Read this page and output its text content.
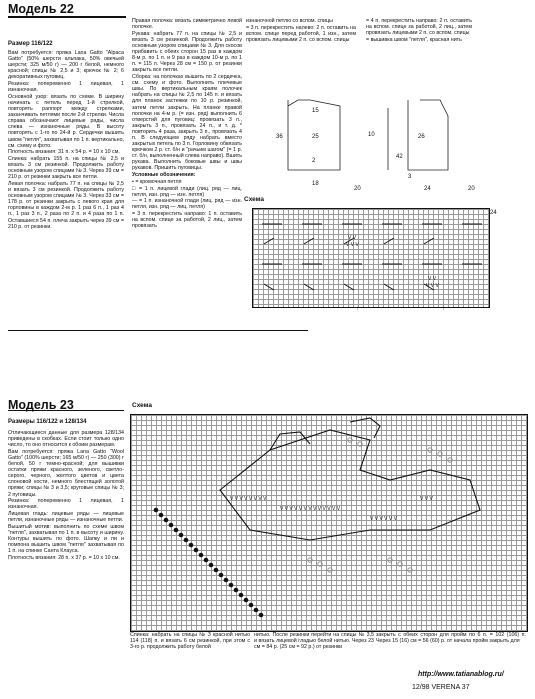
Модель 22
Размер 116/122

Вам потребуется: пряжа Lana Gatto "Alpaca Gatto" (50% шерсти альпака, 50% овечьей шерсти; 325 м/50 г) — 200 г белой, немного красной; спицы № 2,5 и 3; крючок № 2; 6 декоративных пуговиц.

Резинка: попеременно 1 лицевая, 1 изнаночная.

Основной узор: вязать по схеме. В ширину начинать с петель перед 1-й стрелкой, повторять раппорт между стрелками, заканчивать петлями после 2-й стрелки. Числа справа обозначают лицевые ряды, числа слева — изнаночные ряды. В высоту повторять с 1-го по 24-й р. Сердечки вышить швом "петля", захватывая по 1 п. вертикально, см. схему и фото.

Плотность вязания: 31 п. х 54 р. = 10 х 10 см.

Спинка: набрать 155 п. на спицы № 2,5 и вязать 3 см резинкой. Продолжить работу основным узором спицами № 3. Через 39 см = 210 р. от резинки закрыть все петли.

Левая полочка: набрать 77 п. на спицы № 2,5 и вязать 3 см резинкой. Продолжить работу основным узором спицами № 3. Через 33 см = 178 р. от резинки закрыть с левого края для горловины в каждом 2-м р. 1 раз 6 п., 1 раз 4 п., 1 раз 3 п., 2 раза по 2 п. и 4 раза по 1 п. Оставшиеся 54 п. плеча закрыть через 39 см = 210 р. от резинки.

Правая полочка: вязать симметрично левой полочке.

Рукава: набрать 77 п. на спицы № 2,5 и вязать 3 см резинкой. Продолжить работу основным узором спицами № 3. Для скосов прибавить с обеих сторон 15 раз в каждом 8-м р. по 1 п. и 9 раз в каждом 10-м р. по 1 п. = 115 п. Через 28 см = 150 р. от резинки закрыть все петли.

Сборка: на полочках вышить по 2 сердечка, см. схему и фото. Выполнить плечевые швы. По вертикальным краям полочек набрать на спицы № 2,5 по 145 п. и вязать для планок застежки по 10 р. резинкой, затем петли закрыть. На планке правой полочки на 4-м р. (= изн. ряд) выполнить 6 отверстий для пуговиц: провязать 3 п., закрыть 3 п., провязать 24 п., и т. д. * повторить 4 раза, закрыть 3 п., провязать 4 п. В следующем ряду набрать вместо закрытых петель по 3 п. Горловину обвязать крючком 2 р. ст. б/н и "рачьим шагом" (= 1 р. ст. б/н, выполненный слева направо). Вшить рукава. Выполнить боковые швы и швы рукавов. Пришить пуговицы.

Условные обозначения:

• = кромочная петля

□ = 1 п. лицевой глади (лиц. ряд — лиц. петля, изн. ряд — изн. петля)

— = 1 п. изнаночной глади (лиц. ряд — изн. петля, изн. ряд — лиц. петля)

= 3 п. перекрестить направо: 1 п. оставить на вспом. спице за работой, 2 лиц., затем провязать

изнаночной петлю со вспом. спицы

= 3 п. перекрестить налево: 2 п. оставить на вспом. спице перед работой, 1 изн., затем провязать лицевыми 2 п. со вспом. спицы

= 4 п. перекрестить направо: 2 п. оставить на вспом. спице за работой, 2 лиц., затем провязать лицевыми 2 п. со вспом. спицы

= вышивка швом "петля", красная нить

15
36
2
25
18
10
42
26
3
20	24	20
Схема
V V
V V V
V V
V V V
24
↑	↑
Модель 23
Размеры 116/122 и 128/134

Отличающиеся данные для размера 128/134 приведены в скобках. Если стоит только одно число, то оно относится к обоим размерам.

Вам потребуется: пряжа Lana Gatto "Wool Gatto" (100% шерсти; 165 м/50 г) — 250 (300) г белой, 50 г темно-красной; для вышивки остатки пряжи красного, зеленого, светло-серого, черного, желтого цветов и цвета слоновой кости, немного блестящей золотой пряжи; спицы № 3 и 3,5; круговые спицы № 3; 2 пуговицы.

Резинка: попеременно 1 лицевая, 1 изнаночная.

Лицевая гладь: лицевые ряды — лицевые петли, изнаночные ряды — изнаночные петли.

Вышитый мотив: выполнить по схеме швом "петля", захватывая по 1 п. в высоту и ширину. Контуры вышить по фото. Шапку и пи и помпона вышить швом "петля" захватывая по 1 п. на спинке Санта Клауса.

Плотность вязания: 28 п. х 37 р. = 10 х 10 см.

Схема
V V V V V V V V
V V V V V V V V V V V V V
V V V V V V
V V V
Спинка: набрать на спицы № 3 красной нитью 114 (118) п. и вязать 6 см резинкой, при этом с 3-го р. продолжить работу белой
нитью. После резинки перейти на спицы № 3,5 и вязать лицевой гладью белой нитью. Через 23 см = 84 р. (25 см = 92 р.) от резинки
закрыть с обеих сторон для пройм по 6 п. = 102 (106) п. Через 15 (16) см = 56 (60) р. от начала пройм закрыть для
12/98 VERENA 37
http://www.tatianablog.ru/
